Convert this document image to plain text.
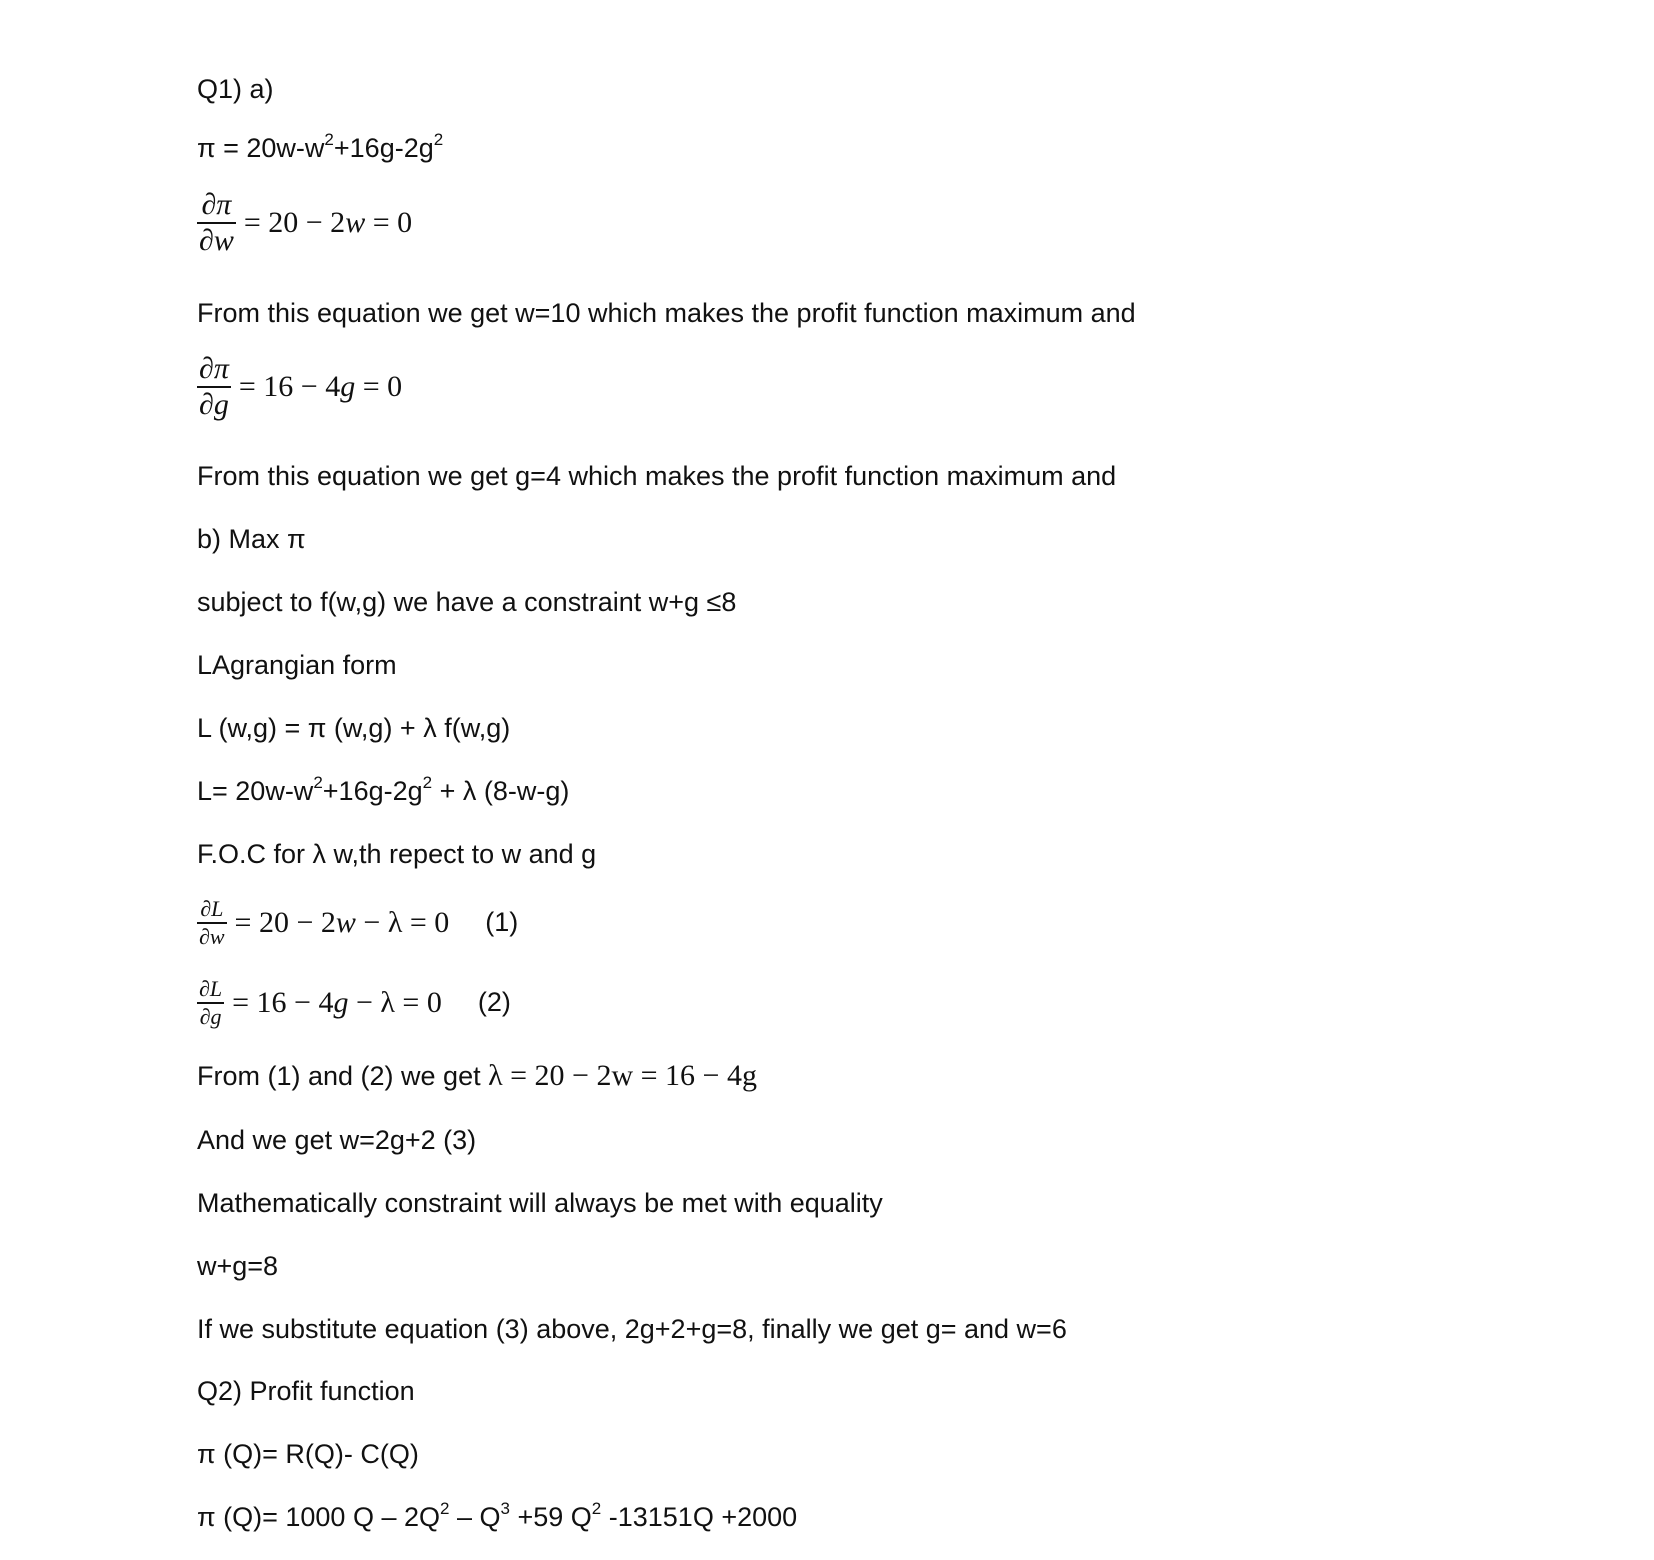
Q1) a)
$\pi = 20w-w^2+16g-2g^2$
$\frac{\partial\pi}{\partial w} = 20 - 2w = 0$
From this equation we get w=10 which makes the profit function maximum and
$\frac{\partial\pi}{\partial g} = 16 - 4g = 0$
From this equation we get g=4 which makes the profit function maximum and
b) Max π
subject to f(w,g) we have a constraint w+g ≤8
LAgrangian form
L (w,g) = π (w,g) + λ f(w,g)
$L= 20w-w^2+16g-2g^2 + \lambda$ (8-w-g)
F.O.C for λ w,th repect to w and g
$\frac{\partial L}{\partial w} = 20 - 2w - \lambda = 0$ (1)
$\frac{\partial L}{\partial g} = 16 - 4g - \lambda = 0$ (2)
From (1) and (2) we get λ = 20 − 2w = 16 − 4g
And we get w=2g+2 (3)
Mathematically constraint will always be met with equality
w+g=8
If we substitute equation (3) above, 2g+2+g=8, finally we get g= and w=6
Q2) Profit function
π (Q)= R(Q)- C(Q)
π (Q)= 1000 $Q - 2Q^2 - Q^3 +59$ $Q^2$ -13151Q +2000
